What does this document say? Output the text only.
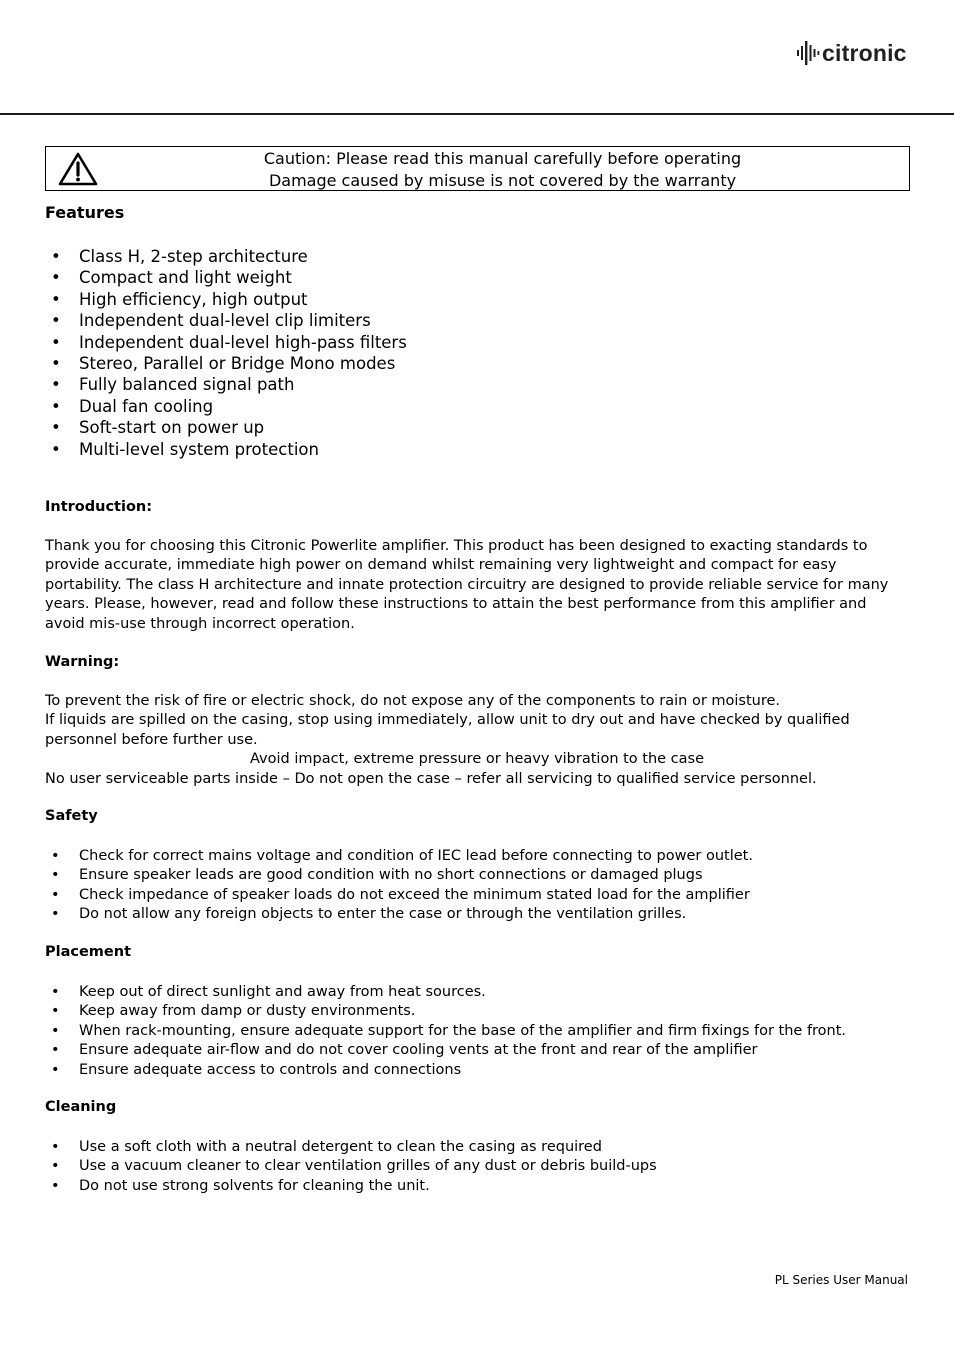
citronic
Caution: Please read this manual carefully before operating
Damage caused by misuse is not covered by the warranty
Features
• Class H, 2-step architecture
• Compact and light weight
• High efficiency, high output
• Independent dual-level clip limiters
• Independent dual-level high-pass filters
• Stereo, Parallel or Bridge Mono modes
• Fully balanced signal path
• Dual fan cooling
• Soft-start on power up
• Multi-level system protection
Introduction:
Thank you for choosing this Citronic Powerlite amplifier. This product has been designed to exacting standards to provide accurate, immediate high power on demand whilst remaining very lightweight and compact for easy portability. The class H architecture and innate protection circuitry are designed to provide reliable service for many years. Please, however, read and follow these instructions to attain the best performance from this amplifier and avoid mis-use through incorrect operation.
Warning:
To prevent the risk of fire or electric shock, do not expose any of the components to rain or moisture.
If liquids are spilled on the casing, stop using immediately, allow unit to dry out and have checked by qualified personnel before further use.
Avoid impact, extreme pressure or heavy vibration to the case
No user serviceable parts inside – Do not open the case – refer all servicing to qualified service personnel.
Safety
• Check for correct mains voltage and condition of IEC lead before connecting to power outlet.
• Ensure speaker leads are good condition with no short connections or damaged plugs
• Check impedance of speaker loads do not exceed the minimum stated load for the amplifier
• Do not allow any foreign objects to enter the case or through the ventilation grilles.
Placement
• Keep out of direct sunlight and away from heat sources.
• Keep away from damp or dusty environments.
• When rack-mounting, ensure adequate support for the base of the amplifier and firm fixings for the front.
• Ensure adequate air-flow and do not cover cooling vents at the front and rear of the amplifier
• Ensure adequate access to controls and connections
Cleaning
• Use a soft cloth with a neutral detergent to clean the casing as required
• Use a vacuum cleaner to clear ventilation grilles of any dust or debris build-ups
• Do not use strong solvents for cleaning the unit.
PL Series User Manual
